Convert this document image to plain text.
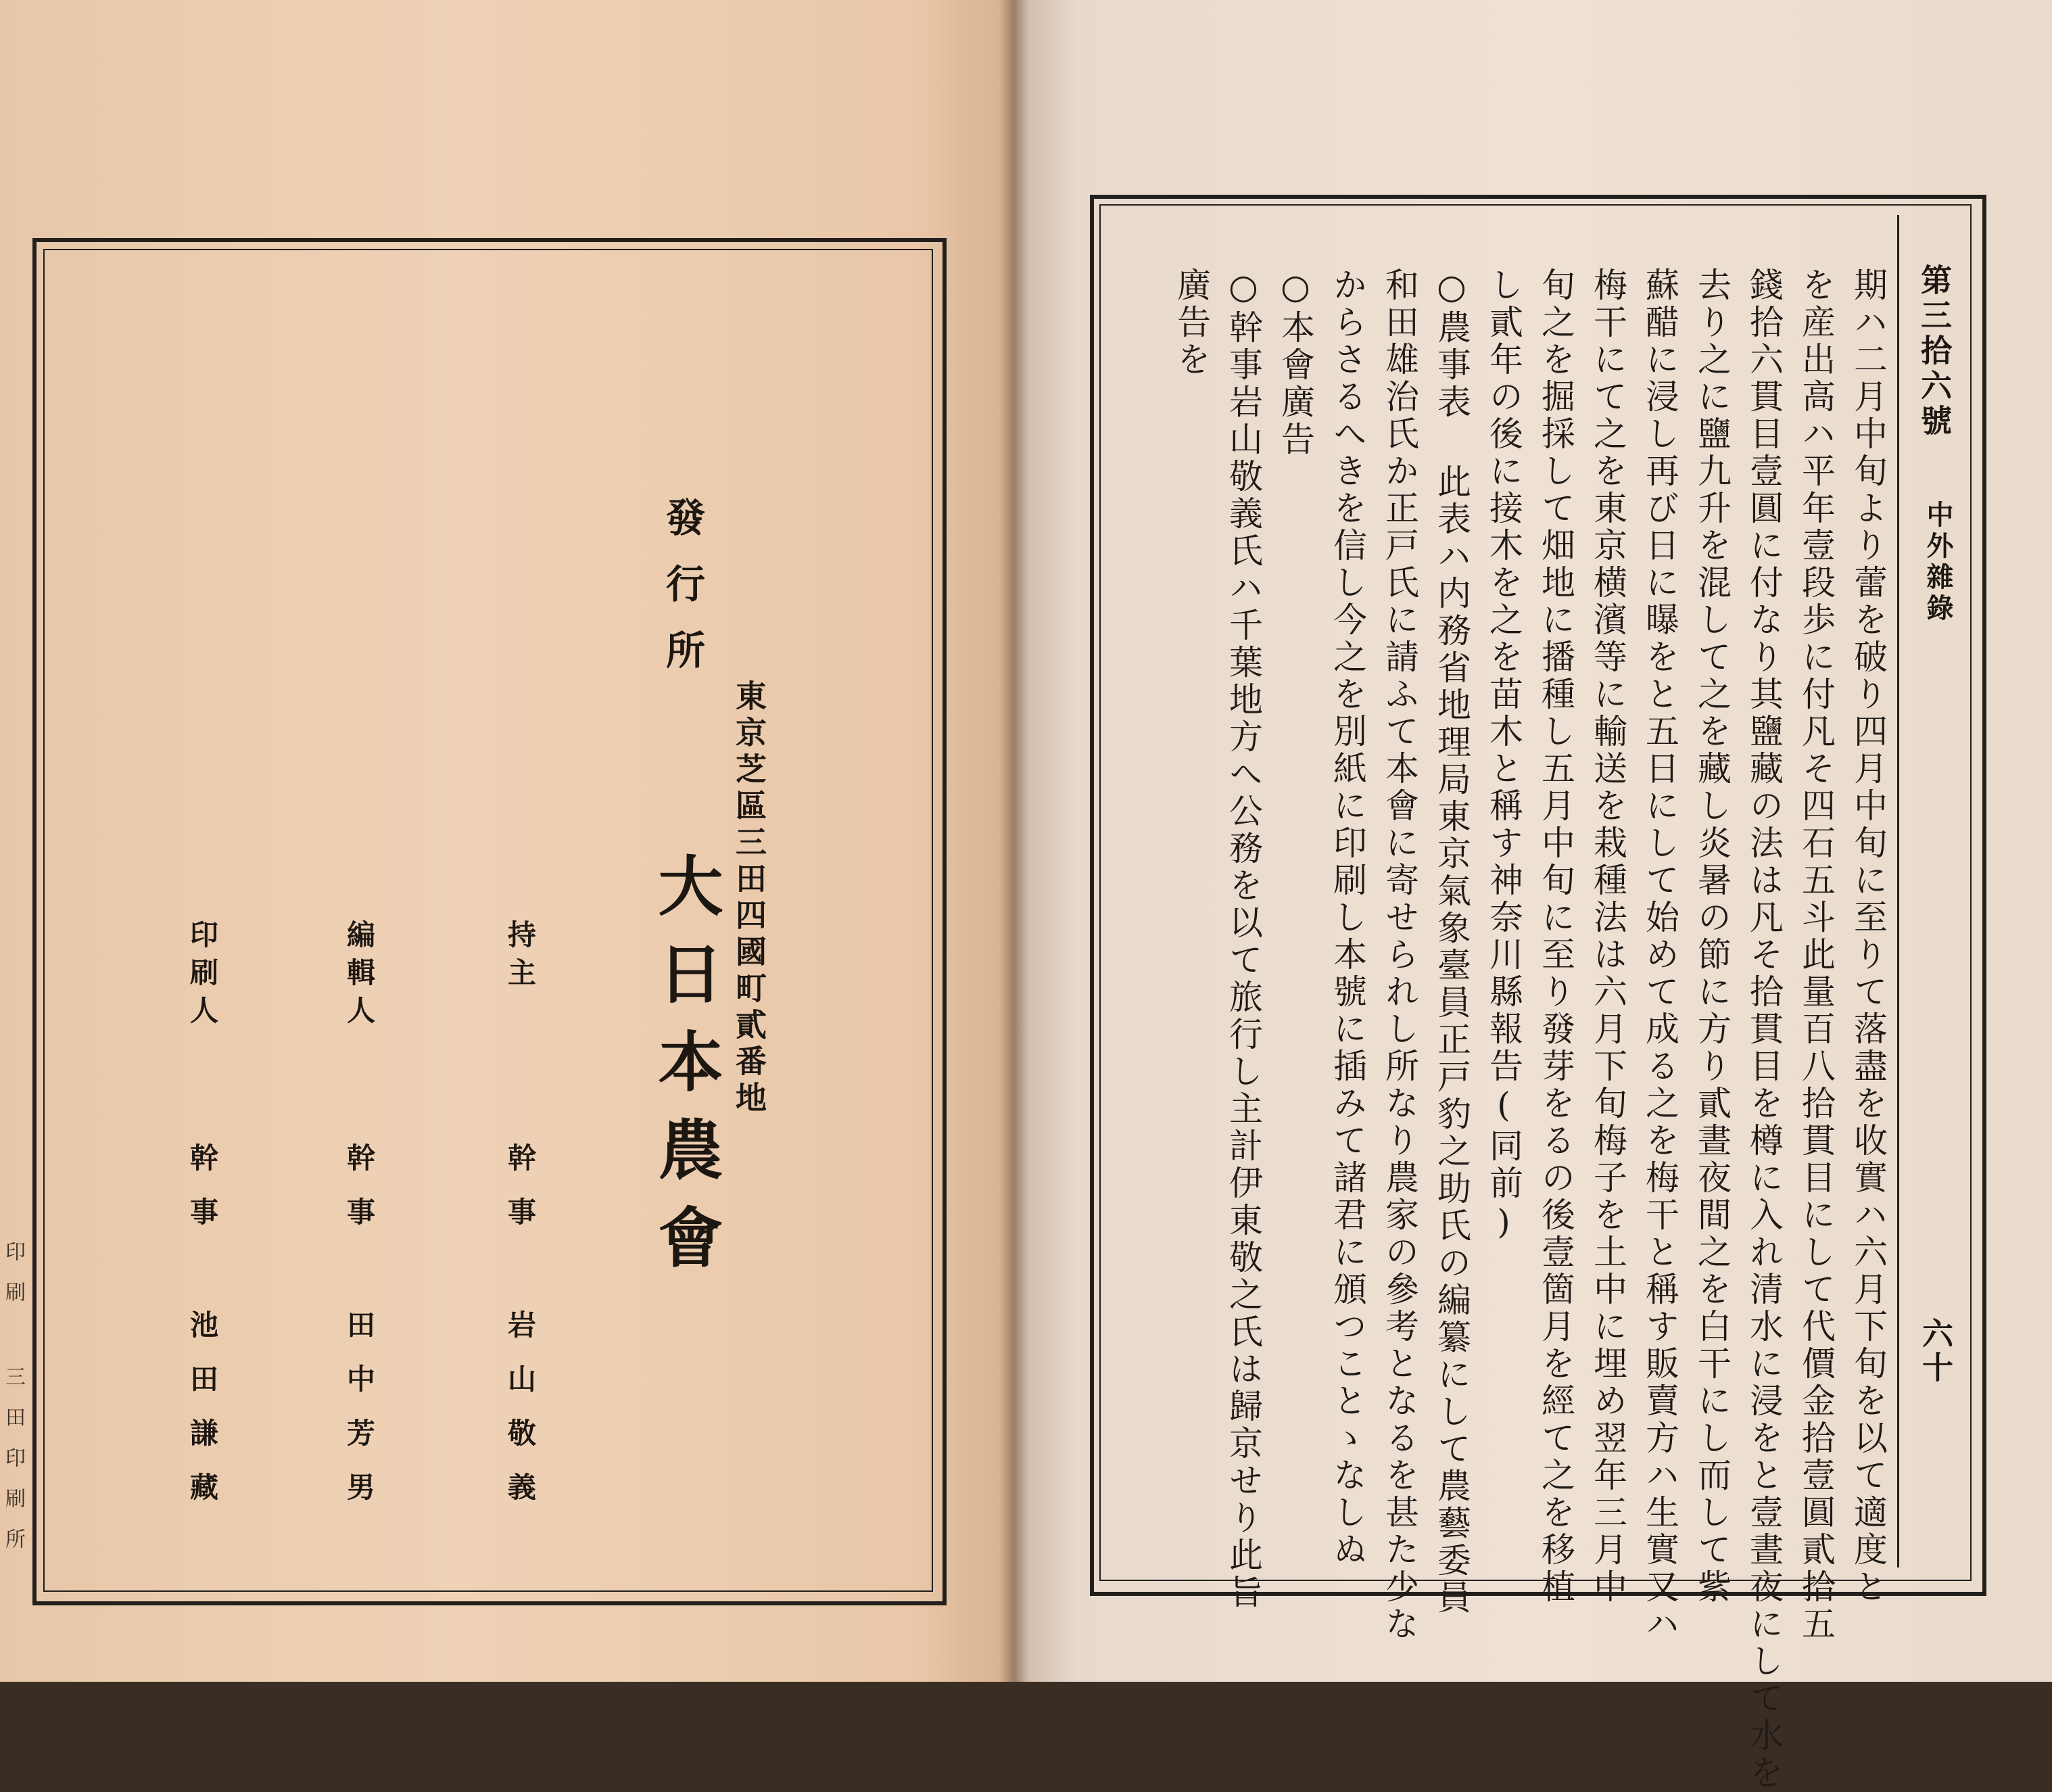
發行所
大日本農會 東京芝區三田四國町貳番地
持主
幹事 岩山敬義
編輯人
幹事 田中芳男
印刷人
幹事 池田謙藏
印刷 三田印刷所
第三拾六號
中外雜錄
六十
期ハ二月中旬より蕾を破り四月中旬に至りて落盡を收實ハ六月下旬を以て適度と
を産出高ハ平年壹段歩に付凡そ四石五斗此量百八拾貫目にして代價金拾壹圓貳拾五
錢拾六貫目壹圓に付なり其鹽藏の法は凡そ拾貫目を樽に入れ清水に浸をと壹晝夜にして水を
去り之に鹽九升を混して之を藏し炎暑の節に方り貳晝夜間之を白干にし而して紫
蘇醋に浸し再び日に曝をと五日にして始めて成る之を梅干と稱す販賣方ハ生實又ハ
梅干にて之を東京横濱等に輸送を栽種法は六月下旬梅子を土中に埋め翌年三月中
旬之を掘採して畑地に播種し五月中旬に至り發芽をるの後壹箇月を經て之を移植
し貳年の後に接木を之を苗木と稱す神奈川縣報告(同前)
○農事表 此表ハ内務省地理局東京氣象臺員正戸豹之助氏の編纂にして農藝委員
和田雄治氏か正戸氏に請ふて本會に寄せられし所なり農家の參考となるを甚た少な
からさるへきを信し今之を別紙に印刷し本號に插みて諸君に頒つことゝなしぬ
○本會廣告
○幹事岩山敬義氏ハ千葉地方へ公務を以て旅行し主計伊東敬之氏は歸京せり此旨
廣告を
